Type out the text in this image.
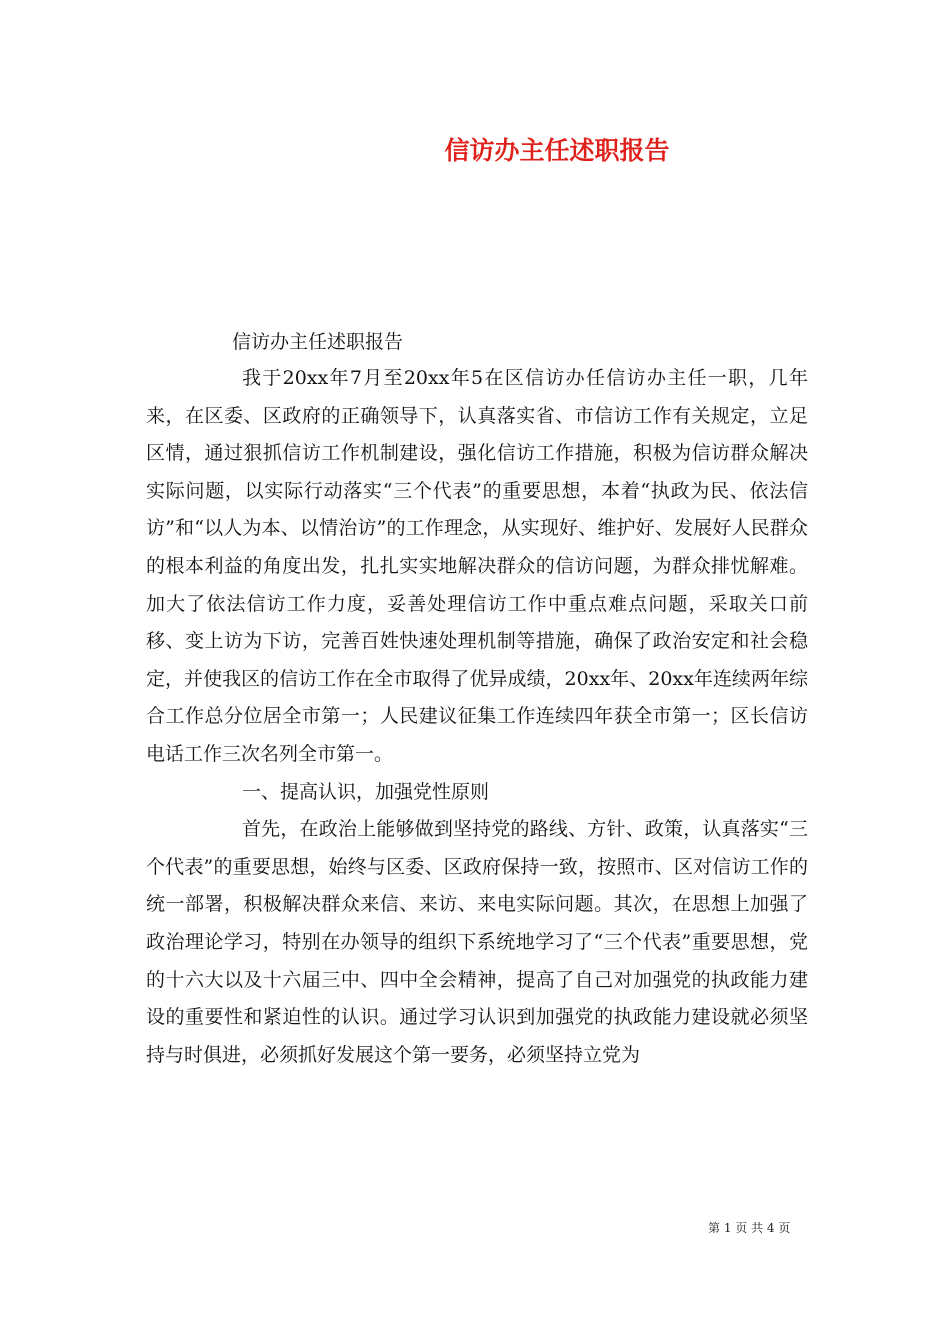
信访办主任述职报告

信访办主任述职报告

我于20xx年7月至20xx年5在区信访办任信访办主任一职，几年来，在区委、区政府的正确领导下，认真落实省、市信访工作有关规定，立足区情，通过狠抓信访工作机制建设，强化信访工作措施，积极为信访群众解决实际问题，以实际行动落实“三个代表”的重要思想，本着“执政为民、依法信访”和“以人为本、以情治访”的工作理念，从实现好、维护好、发展好人民群众的根本利益的角度出发，扎扎实实地解决群众的信访问题，为群众排忧解难。加大了依法信访工作力度，妥善处理信访工作中重点难点问题，采取关口前移、变上访为下访，完善百姓快速处理机制等措施，确保了政治安定和社会稳定，并使我区的信访工作在全市取得了优异成绩，20xx年、20xx年连续两年综合工作总分位居全市第一；人民建议征集工作连续四年获全市第一；区长信访电话工作三次名列全市第一。

一、提高认识，加强党性原则

首先，在政治上能够做到坚持党的路线、方针、政策，认真落实“三个代表”的重要思想，始终与区委、区政府保持一致，按照市、区对信访工作的统一部署，积极解决群众来信、来访、来电实际问题。其次，在思想上加强了政治理论学习，特别在办领导的组织下系统地学习了“三个代表”重要思想，党的十六大以及十六届三中、四中全会精神，提高了自己对加强党的执政能力建设的重要性和紧迫性的认识。通过学习认识到加强党的执政能力建设就必须坚持与时俱进，必须抓好发展这个第一要务，必须坚持立党为

第 1 页 共 4 页
